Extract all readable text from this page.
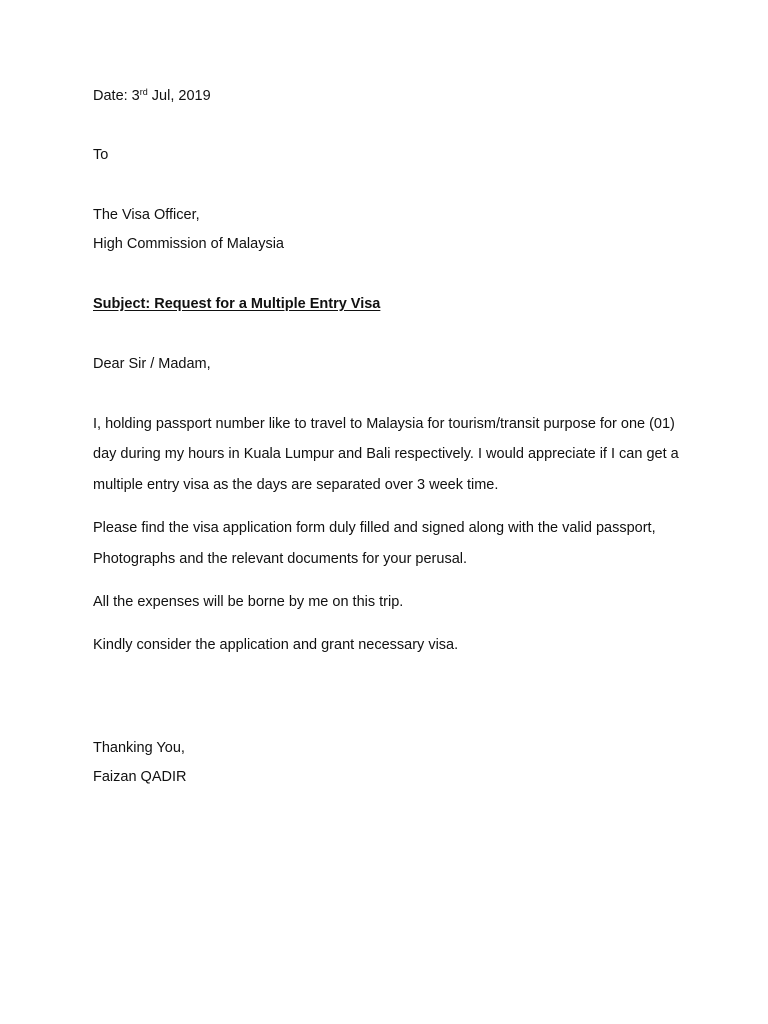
Date: 3rd Jul, 2019
To
The Visa Officer,
High Commission of Malaysia
Subject: Request for a Multiple Entry Visa
Dear Sir / Madam,
I, holding passport number like to travel to Malaysia for tourism/transit purpose for one (01)
day during my hours in Kuala Lumpur and Bali respectively. I would appreciate if I can get a
multiple entry visa as the days are separated over 3 week time.
Please find the visa application form duly filled and signed along with the valid passport,
Photographs and the relevant documents for your perusal.
All the expenses will be borne by me on this trip.
Kindly consider the application and grant necessary visa.
Thanking You,
Faizan QADIR
